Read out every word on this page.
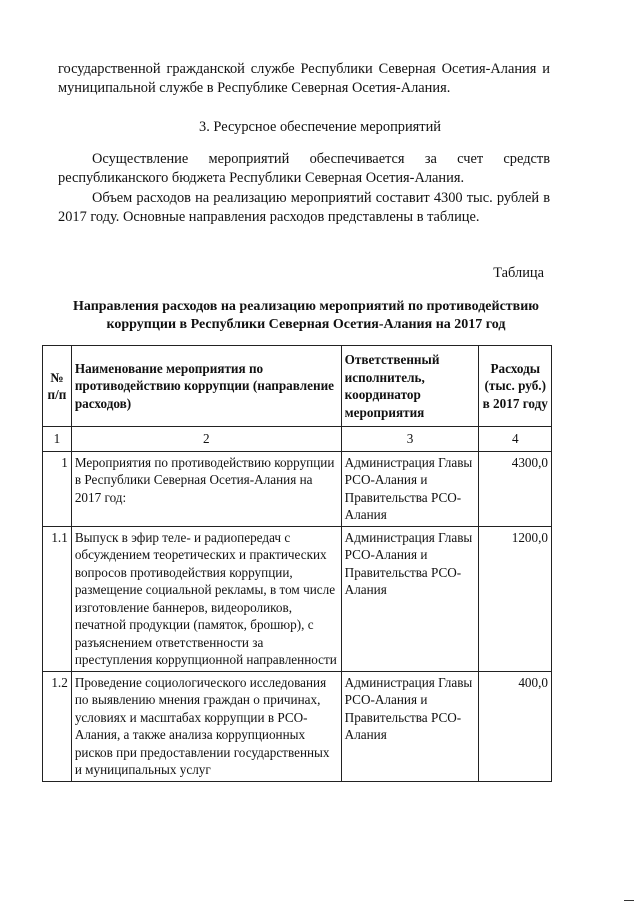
государственной гражданской службе Республики Северная Осетия-Алания и муниципальной службе в Республике Северная Осетия-Алания.
3. Ресурсное обеспечение мероприятий
Осуществление мероприятий обеспечивается за счет средств республиканского бюджета Республики Северная Осетия-Алания.
Объем расходов на реализацию мероприятий составит 4300 тыс. рублей в 2017 году. Основные направления расходов представлены в таблице.
Таблица
Направления расходов на реализацию мероприятий по противодействию коррупции в Республики Северная Осетия-Алания на 2017 год
№ п/п	Наименование мероприятия по противодействию коррупции (направление расходов)	Ответственный исполнитель, координатор мероприятия	Расходы (тыс. руб.) в 2017 году
1	2	3	4
1	Мероприятия по противодействию коррупции в Республики Северная Осетия-Алания на 2017 год:	Администрация Главы РСО-Алания и Правительства РСО-Алания	4300,0
1.1	Выпуск в эфир теле- и радиопередач с обсуждением теоретических и практических вопросов противодействия коррупции, размещение социальной рекламы, в том числе изготовление баннеров, видеороликов, печатной продукции (памяток, брошюр), с разъяснением ответственности за преступления коррупционной направленности	Администрация Главы РСО-Алания и Правительства РСО-Алания	1200,0
1.2	Проведение социологического исследования по выявлению мнения граждан о причинах, условиях и масштабах коррупции в РСО-Алания, а также анализа коррупционных рисков при предоставлении государственных и муниципальных услуг	Администрация Главы РСО-Алания и Правительства РСО-Алания	400,0
